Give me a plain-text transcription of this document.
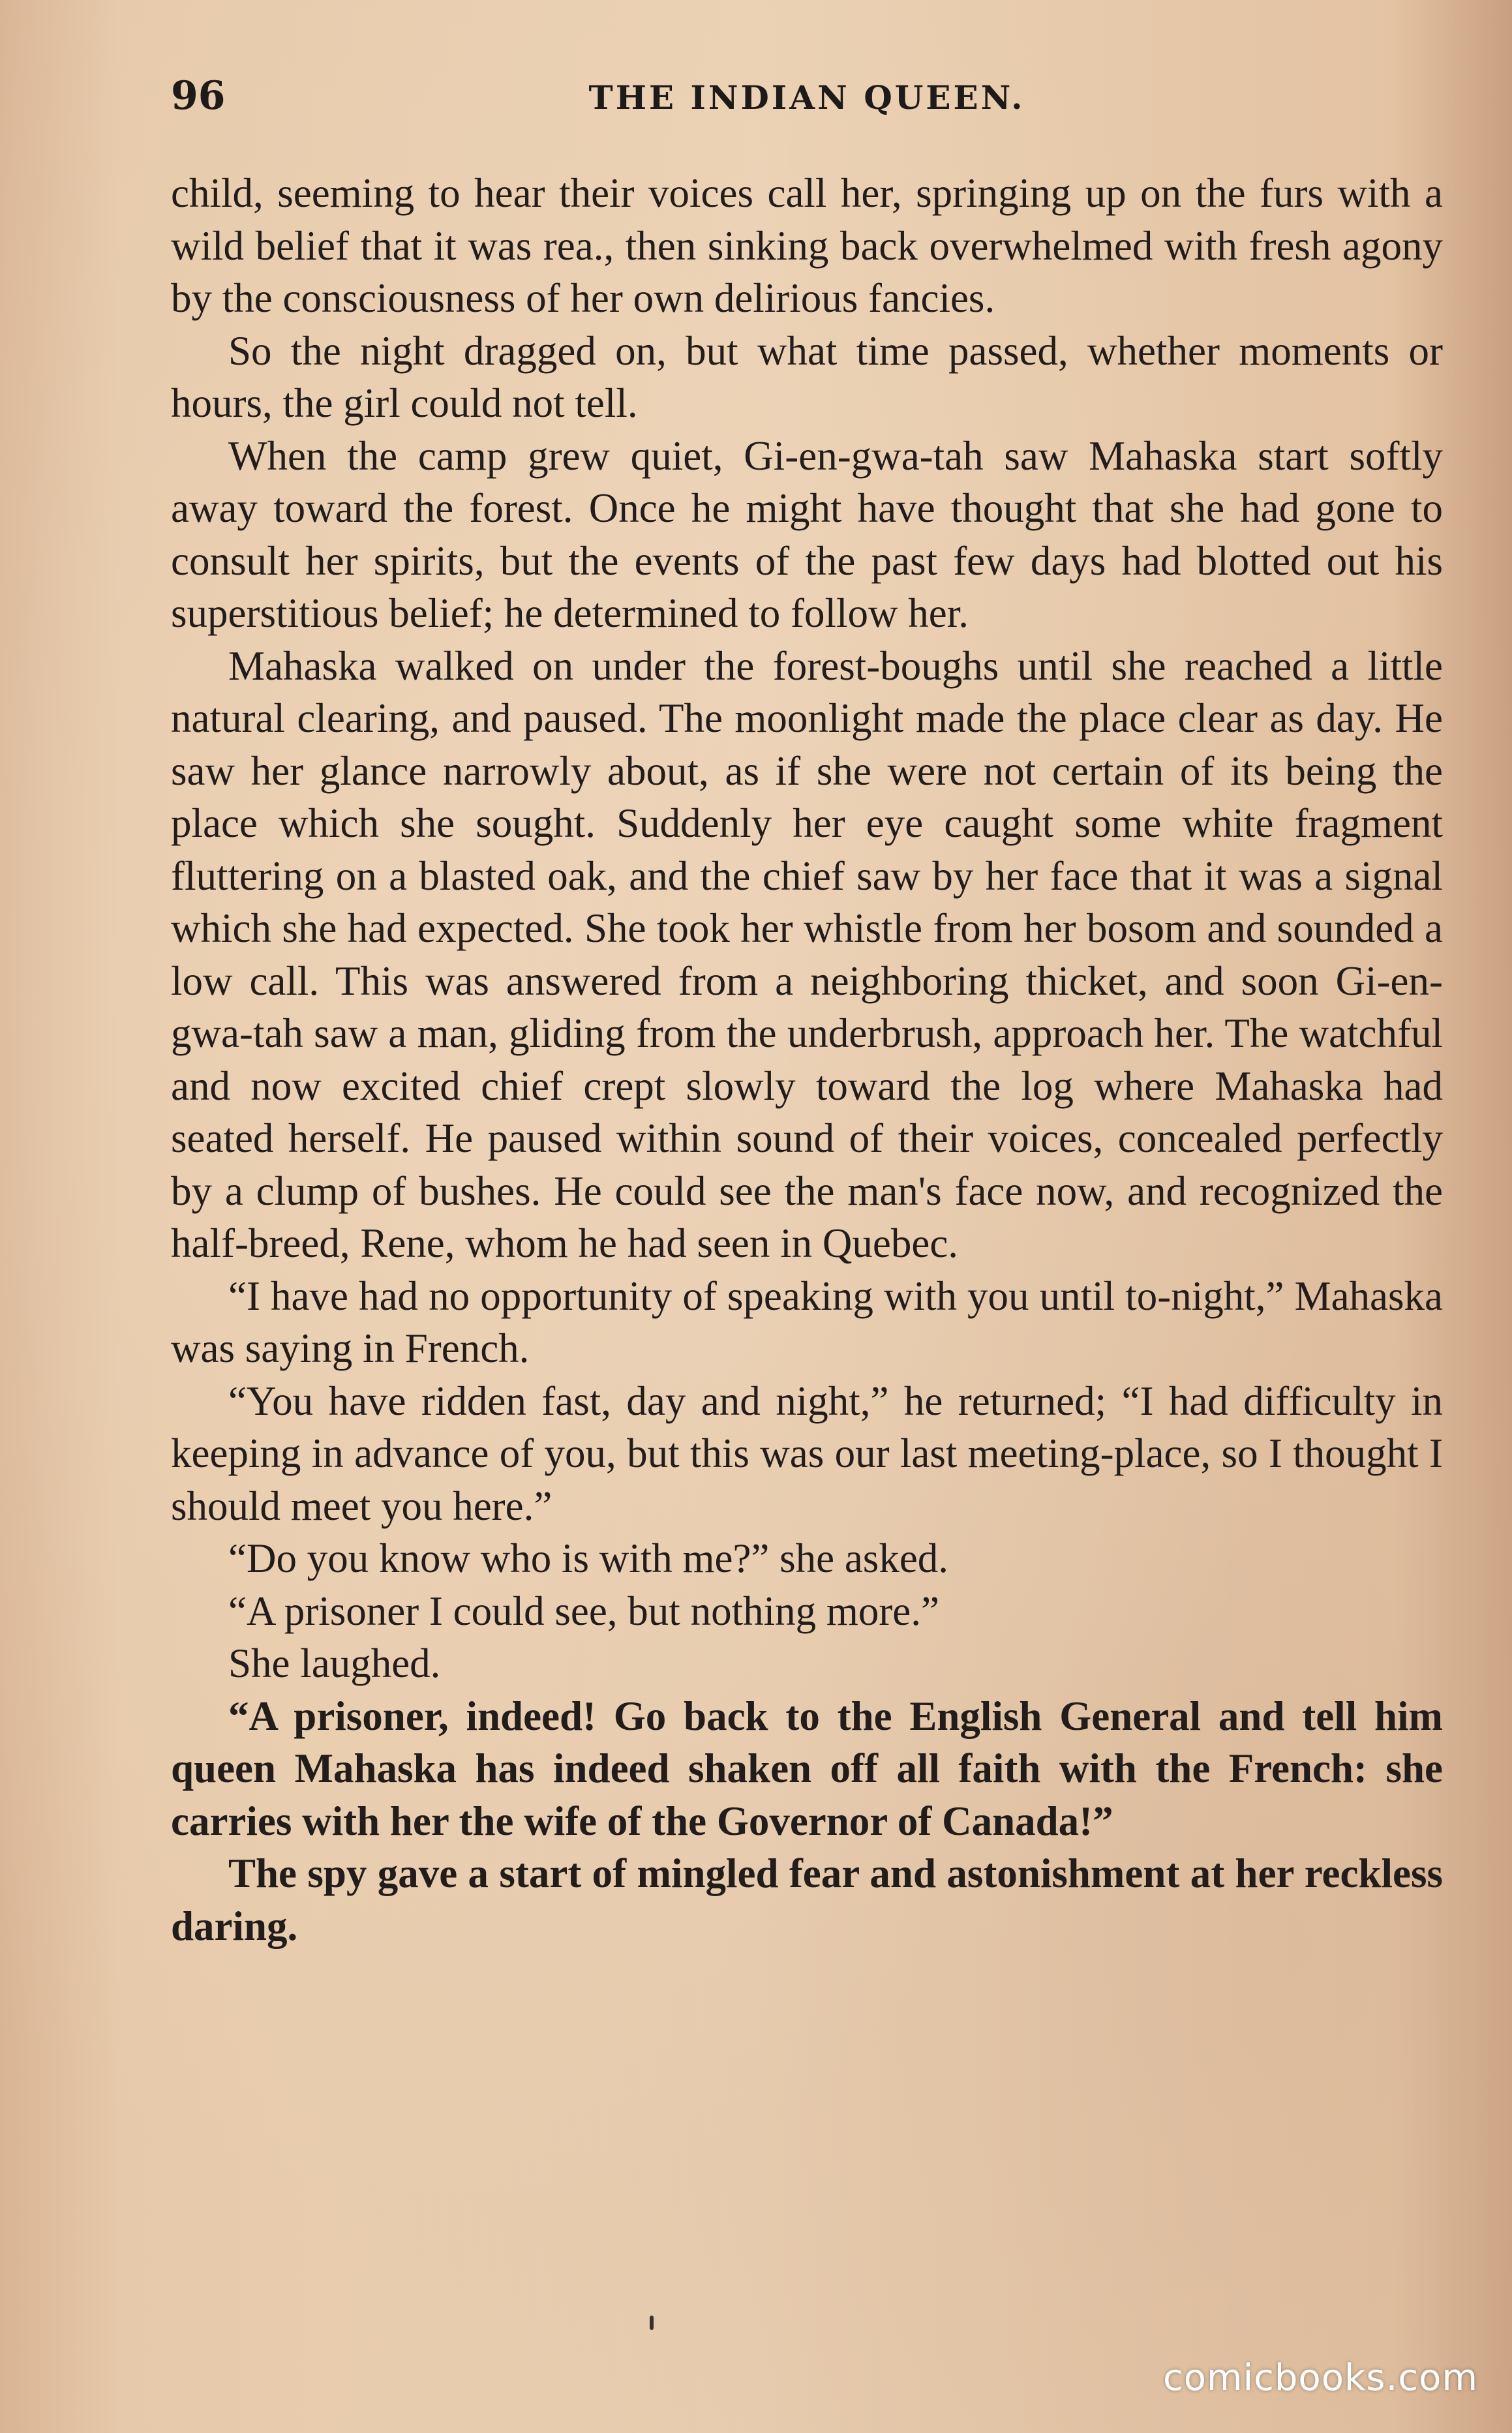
96	THE INDIAN QUEEN.

child, seeming to hear their voices call her, springing up on the furs with a wild belief that it was rea., then sinking back overwhelmed with fresh agony by the consciousness of her own delirious fancies.

So the night dragged on, but what time passed, whether moments or hours, the girl could not tell.

When the camp grew quiet, Gi-en-gwa-tah saw Mahaska start softly away toward the forest. Once he might have thought that she had gone to consult her spirits, but the events of the past few days had blotted out his superstitious belief; he determined to follow her.

Mahaska walked on under the forest-boughs until she reached a little natural clearing, and paused. The moonlight made the place clear as day. He saw her glance narrowly about, as if she were not certain of its being the place which she sought. Suddenly her eye caught some white fragment fluttering on a blasted oak, and the chief saw by her face that it was a signal which she had expected. She took her whistle from her bosom and sounded a low call. This was answered from a neighboring thicket, and soon Gi-en-gwa-tah saw a man, gliding from the underbrush, approach her. The watchful and now excited chief crept slowly toward the log where Mahaska had seated herself. He paused within sound of their voices, concealed perfectly by a clump of bushes. He could see the man's face now, and recognized the half-breed, Rene, whom he had seen in Quebec.

“I have had no opportunity of speaking with you until to-night,” Mahaska was saying in French.

“You have ridden fast, day and night,” he returned; “I had difficulty in keeping in advance of you, but this was our last meeting-place, so I thought I should meet you here.”

“Do you know who is with me?” she asked.

“A prisoner I could see, but nothing more.”

She laughed.

“A prisoner, indeed! Go back to the English General and tell him queen Mahaska has indeed shaken off all faith with the French: she carries with her the wife of the Governor of Canada!”

The spy gave a start of mingled fear and astonishment at her reckless daring.

comicbooks.com
